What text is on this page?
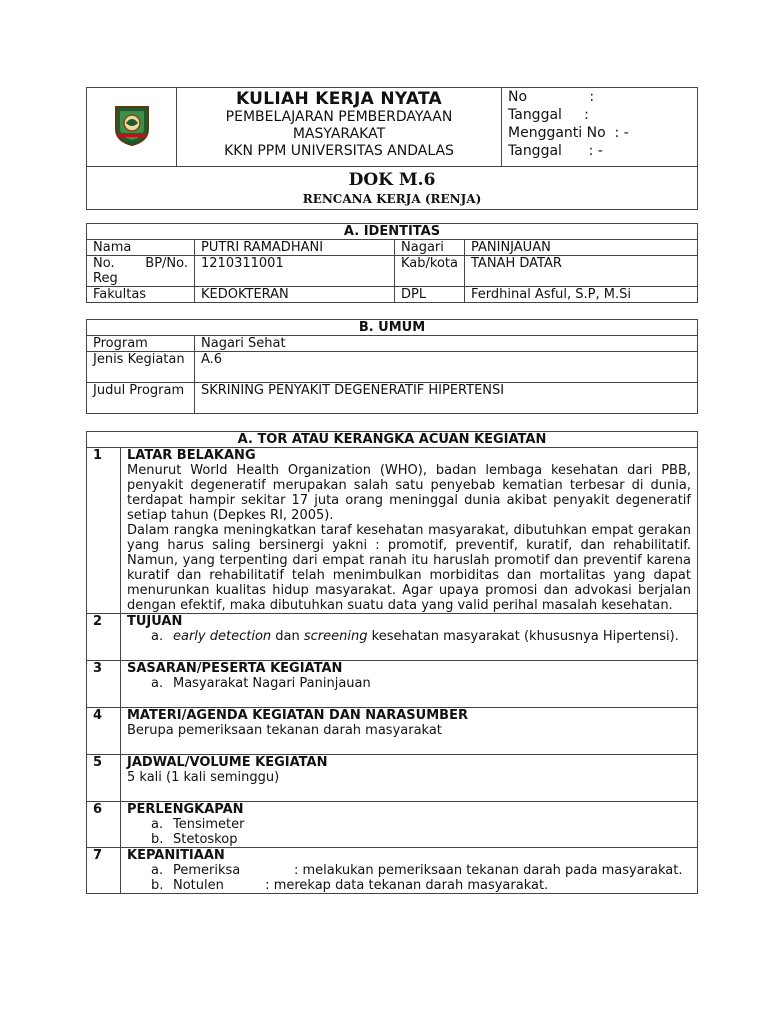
KULIAH KERJA NYATA
PEMBELAJARAN PEMBERDAYAAN
MASYARAKAT
KKN PPM UNIVERSITAS ANDALAS

No              :
Tanggal     :
Mengganti No  : -
Tanggal      : -

DOK M.6
RENCANA KERJA (RENJA)
A. IDENTITAS			
Nama	PUTRI RAMADHANI	Nagari	PANINJAUAN
No. BP/No. Reg	1210311001	Kab/kota	TANAH DATAR
Fakultas	KEDOKTERAN	DPL	Ferdhinal Asful, S.P, M.Si
B. UMUM	
Program	Nagari Sehat
Jenis Kegiatan	A.6
Judul Program	SKRINING PENYAKIT DEGENERATIF HIPERTENSI
A. TOR ATAU KERANGKA ACUAN KEGIATAN	
1	LATAR BELAKANG

Menurut World Health Organization (WHO), badan lembaga kesehatan dari PBB, penyakit degeneratif merupakan salah satu penyebab kematian terbesar di dunia, terdapat hampir sekitar 17 juta orang meninggal dunia akibat penyakit degeneratif setiap tahun (Depkes RI, 2005).

Dalam rangka meningkatkan taraf kesehatan masyarakat, dibutuhkan empat gerakan yang harus saling bersinergi yakni : promotif, preventif, kuratif, dan rehabilitatif. Namun, yang terpenting dari empat ranah itu haruslah promotif dan preventif karena kuratif dan rehabilitatif telah menimbulkan morbiditas dan mortalitas yang dapat menurunkan kualitas hidup masyarakat. Agar upaya promosi dan advokasi berjalan dengan efektif, maka dibutuhkan suatu data yang valid perihal masalah kesehatan.

2	TUJUAN
a. early detection dan screening kesehatan masyarakat (khususnya Hipertensi).

3	SASARAN/PESERTA KEGIATAN
a. Masyarakat Nagari Paninjauan

4	MATERI/AGENDA KEGIATAN DAN NARASUMBER
Berupa pemeriksaan tekanan darah masyarakat

5	JADWAL/VOLUME KEGIATAN
5 kali (1 kali seminggu)

6	PERLENGKAPAN
a. Tensimeter
b. Stetoskop

7	KEPANITIAAN
a. Pemeriksa             : melakukan pemeriksaan tekanan darah pada masyarakat.
b. Notulen          : merekap data tekanan darah masyarakat.
